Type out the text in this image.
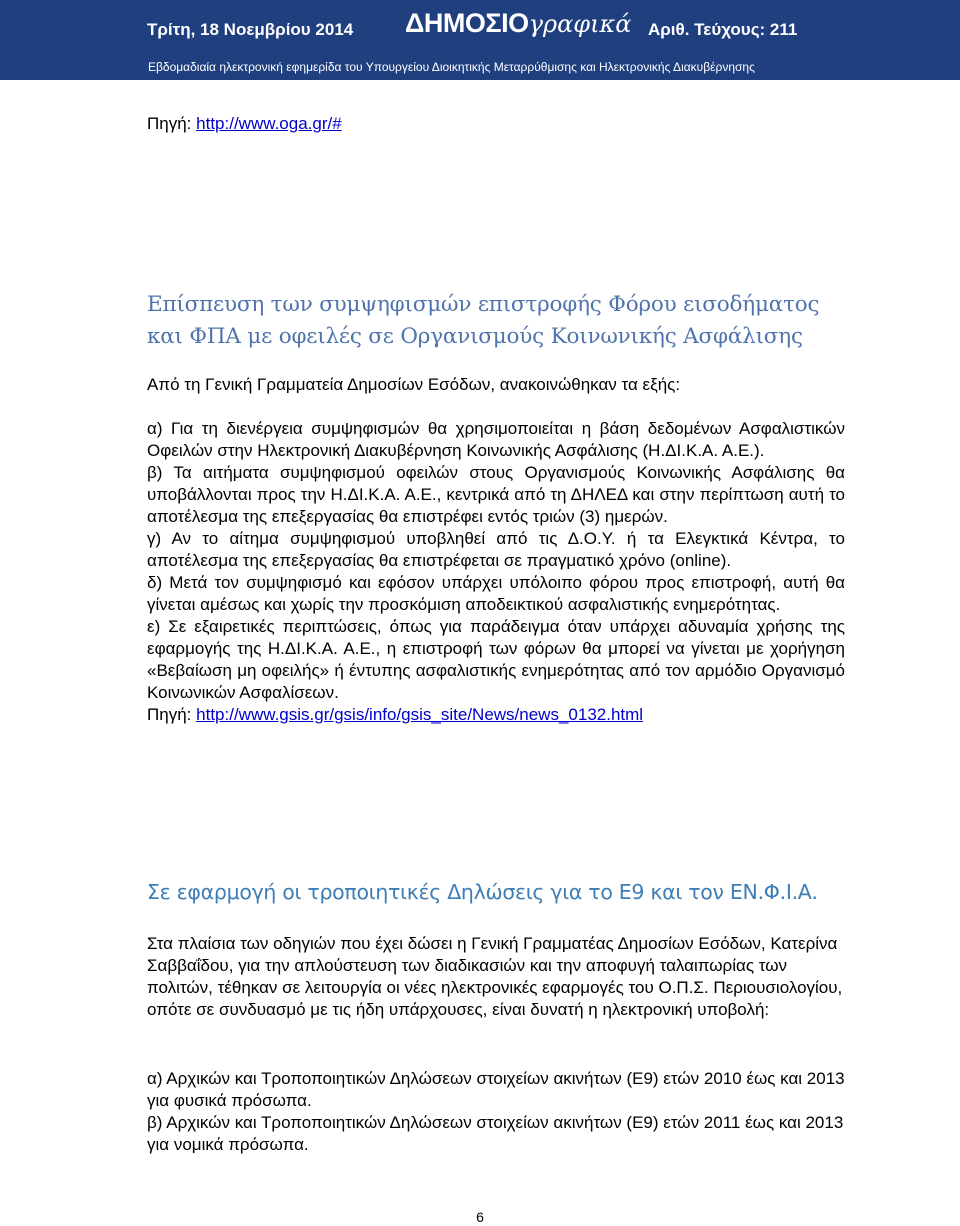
Τρίτη, 18 Νοεμβρίου 2014 ΔΗΜΟΣΙΟγραφικά Αριθ. Τεύχους: 211
Εβδομαδιαία ηλεκτρονική εφημερίδα του Υπουργείου Διοικητικής Μεταρρύθμισης και Ηλεκτρονικής Διακυβέρνησης
Πηγή: http://www.oga.gr/#
Επίσπευση των συμψηφισμών επιστροφής Φόρου εισοδήματος
και ΦΠΑ με οφειλές σε Οργανισμούς Κοινωνικής Ασφάλισης

Από τη Γενική Γραμματεία Δημοσίων Εσόδων, ανακοινώθηκαν τα εξής:

α) Για τη διενέργεια συμψηφισμών θα χρησιμοποιείται η βάση δεδομένων Ασφαλιστικών Οφειλών στην Ηλεκτρονική Διακυβέρνηση Κοινωνικής Ασφάλισης (Η.ΔΙ.Κ.Α. Α.Ε.).

β) Τα αιτήματα συμψηφισμού οφειλών στους Οργανισμούς Κοινωνικής Ασφάλισης θα υποβάλλονται προς την Η.ΔΙ.Κ.Α. Α.Ε., κεντρικά από τη ΔΗΛΕΔ και στην περίπτωση αυτή το αποτέλεσμα της επεξεργασίας θα επιστρέφει εντός τριών (3) ημερών.

γ) Αν το αίτημα συμψηφισμού υποβληθεί από τις Δ.Ο.Υ. ή τα Ελεγκτικά Κέντρα, το αποτέλεσμα της επεξεργασίας θα επιστρέφεται σε πραγματικό χρόνο (online).

δ) Μετά τον συμψηφισμό και εφόσον υπάρχει υπόλοιπο φόρου προς επιστροφή, αυτή θα γίνεται αμέσως και χωρίς την προσκόμιση αποδεικτικού ασφαλιστικής ενημερότητας.

ε) Σε εξαιρετικές περιπτώσεις, όπως για παράδειγμα όταν υπάρχει αδυναμία χρήσης της εφαρμογής της Η.ΔΙ.Κ.Α. Α.Ε., η επιστροφή των φόρων θα μπορεί να γίνεται με χορήγηση «Βεβαίωση μη οφειλής» ή έντυπης ασφαλιστικής ενημερότητας από τον αρμόδιο Οργανισμό Κοινωνικών Ασφαλίσεων.

Πηγή: http://www.gsis.gr/gsis/info/gsis_site/News/news_0132.html

Σε εφαρμογή οι τροποιητικές Δηλώσεις για το Ε9 και τον ΕΝ.Φ.Ι.Α.

Στα πλαίσια των οδηγιών που έχει δώσει η Γενική Γραμματέας Δημοσίων Εσόδων, Κατερίνα Σαββαΐδου, για την απλούστευση των διαδικασιών και την αποφυγή ταλαιπωρίας των πολιτών, τέθηκαν σε λειτουργία οι νέες ηλεκτρονικές εφαρμογές του Ο.Π.Σ. Περιουσιολογίου, οπότε σε συνδυασμό με τις ήδη υπάρχουσες, είναι δυνατή η ηλεκτρονική υποβολή:

α) Αρχικών και Τροποποιητικών Δηλώσεων στοιχείων ακινήτων (Ε9) ετών 2010 έως και 2013 για φυσικά πρόσωπα.

β) Αρχικών και Τροποποιητικών Δηλώσεων στοιχείων ακινήτων (Ε9) ετών 2011 έως και 2013 για νομικά πρόσωπα.

6
